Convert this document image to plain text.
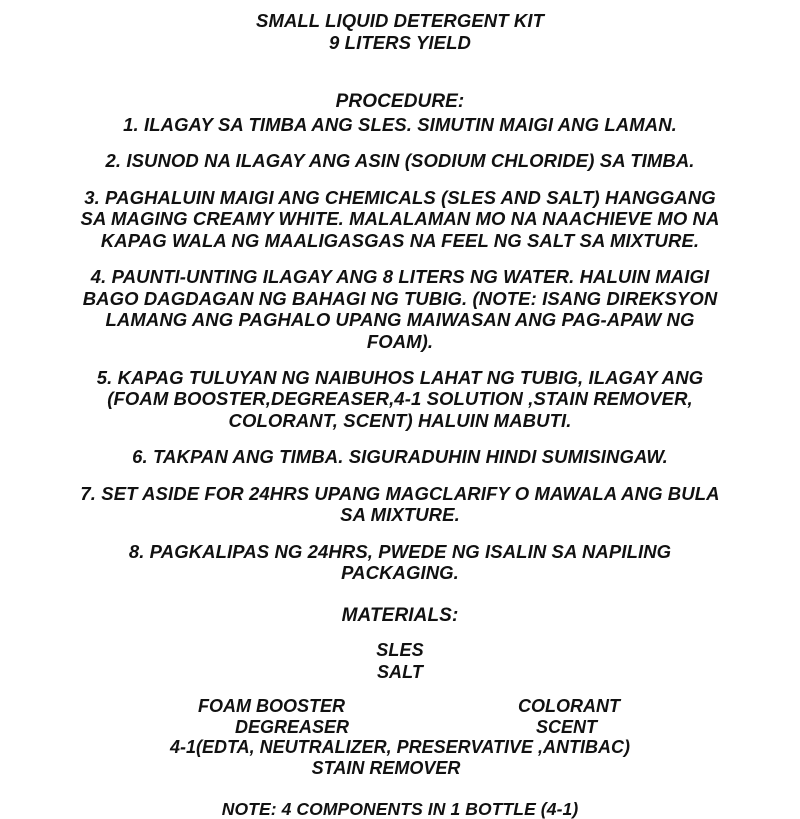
SMALL LIQUID DETERGENT KIT
9 LITERS YIELD
PROCEDURE:
1. ILAGAY SA TIMBA ANG SLES. SIMUTIN MAIGI ANG LAMAN.
2. ISUNOD NA ILAGAY ANG ASIN (SODIUM CHLORIDE) SA TIMBA.
3. PAGHALUIN MAIGI ANG CHEMICALS (SLES AND SALT) HANGGANG SA MAGING CREAMY WHITE. MALALAMAN MO NA NAACHIEVE MO NA KAPAG WALA NG MAALIGASGAS NA FEEL NG SALT SA MIXTURE.
4. PAUNTI-UNTING ILAGAY ANG 8 LITERS NG WATER. HALUIN MAIGI BAGO DAGDAGAN NG BAHAGI NG TUBIG. (NOTE: ISANG DIREKSYON LAMANG ANG PAGHALO UPANG MAIWASAN ANG PAG-APAW NG FOAM).
5. KAPAG TULUYAN NG NAIBUHOS LAHAT NG TUBIG, ILAGAY ANG (FOAM BOOSTER,DEGREASER,4-1 SOLUTION ,STAIN REMOVER, COLORANT, SCENT) HALUIN MABUTI.
6. TAKPAN ANG TIMBA. SIGURADUHIN HINDI SUMISINGAW.
7. SET ASIDE FOR 24HRS UPANG MAGCLARIFY O MAWALA ANG BULA SA MIXTURE.
8. PAGKALIPAS NG 24HRS, PWEDE NG ISALIN SA NAPILING PACKAGING.
MATERIALS:
SLES
SALT
FOAM BOOSTER	COLORANT
DEGREASER	SCENT
4-1(EDTA, NEUTRALIZER, PRESERVATIVE ,ANTIBAC)
STAIN REMOVER
NOTE: 4 COMPONENTS IN 1 BOTTLE (4-1)
